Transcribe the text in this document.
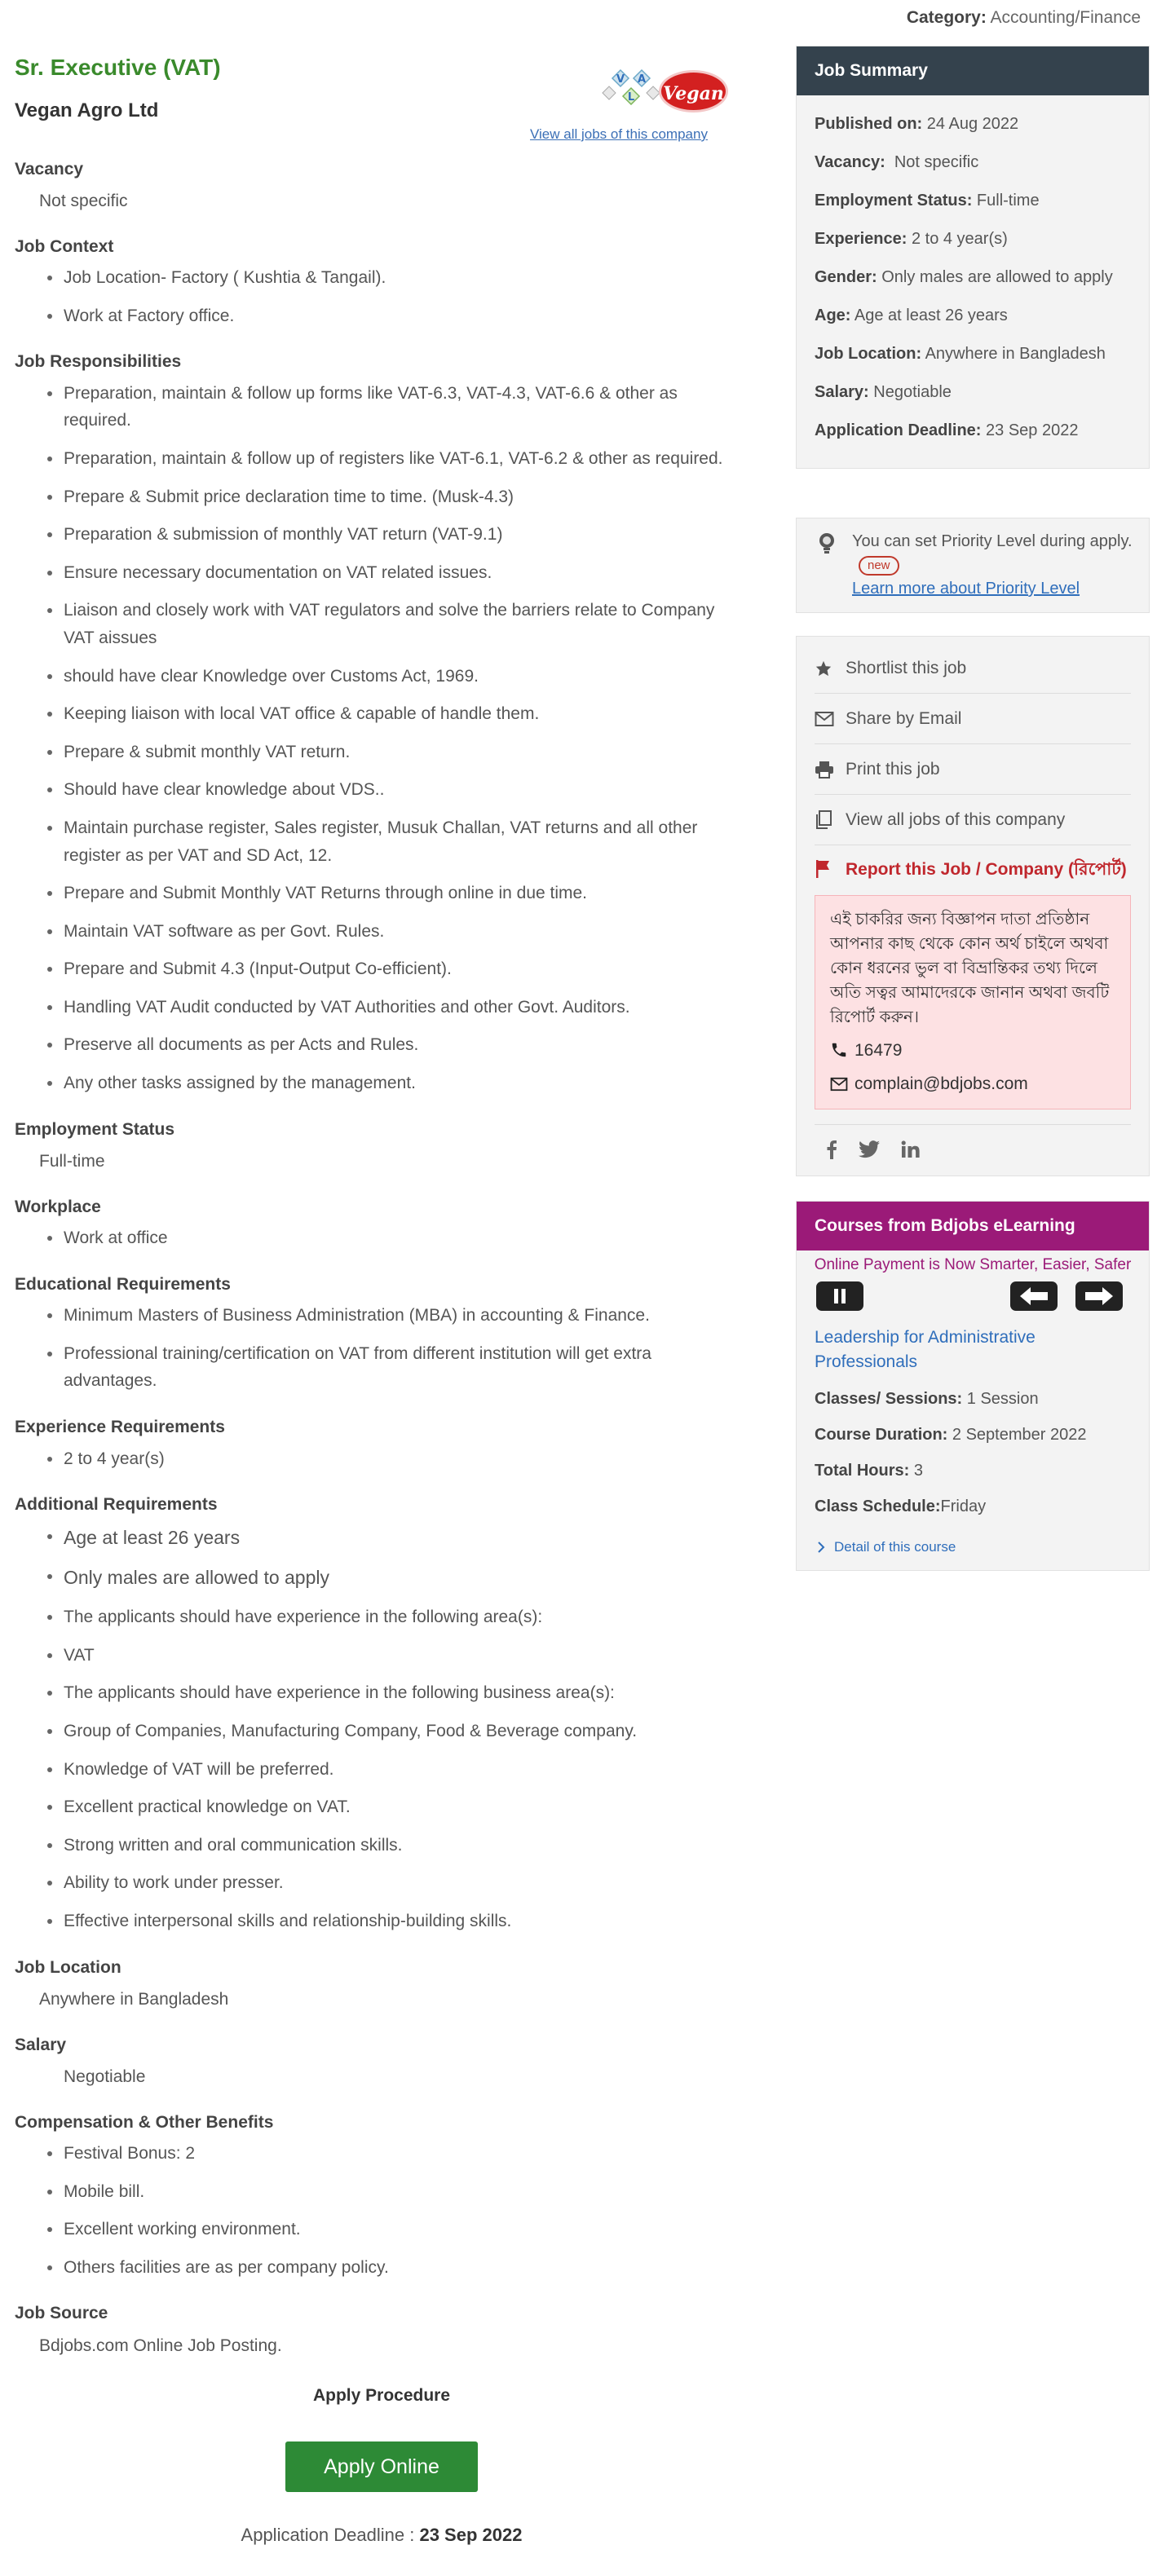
Category: Accounting/Finance
Sr. Executive (VAT)
Vegan Agro Ltd
V
L
A
Vegan
View all jobs of this company
Vacancy
Not specific
Job Context
Job Location- Factory ( Kushtia & Tangail).
Work at Factory office.
Job Responsibilities
Preparation, maintain & follow up forms like VAT-6.3, VAT-4.3, VAT-6.6 & other as required.
Preparation, maintain & follow up of registers like VAT-6.1, VAT-6.2 & other as required.
Prepare & Submit price declaration time to time. (Musk-4.3)
Preparation & submission of monthly VAT return (VAT-9.1)
Ensure necessary documentation on VAT related issues.
Liaison and closely work with VAT regulators and solve the barriers relate to Company VAT aissues
should have clear Knowledge over Customs Act, 1969.
Keeping liaison with local VAT office & capable of handle them.
Prepare & submit monthly VAT return.
Should have clear knowledge about VDS..
Maintain purchase register, Sales register, Musuk Challan, VAT returns and all other register as per VAT and SD Act, 12.
Prepare and Submit Monthly VAT Returns through online in due time.
Maintain VAT software as per Govt. Rules.
Prepare and Submit 4.3 (Input-Output Co-efficient).
Handling VAT Audit conducted by VAT Authorities and other Govt. Auditors.
Preserve all documents as per Acts and Rules.
Any other tasks assigned by the management.
Employment Status
Full-time
Workplace
Work at office
Educational Requirements
Minimum Masters of Business Administration (MBA) in accounting & Finance.
Professional training/certification on VAT from different institution will get extra advantages.
Experience Requirements
2 to 4 year(s)
Additional Requirements
Age at least 26 years
Only males are allowed to apply
The applicants should have experience in the following area(s):
VAT
The applicants should have experience in the following business area(s):
Group of Companies, Manufacturing Company, Food & Beverage company.
Knowledge of VAT will be preferred.
Excellent practical knowledge on VAT.
Strong written and oral communication skills.
Ability to work under presser.
Effective interpersonal skills and relationship-building skills.
Job Location
Anywhere in Bangladesh
Salary
Negotiable
Compensation & Other Benefits
Festival Bonus: 2
Mobile bill.
Excellent working environment.
Others facilities are as per company policy.
Job Source
Bdjobs.com Online Job Posting.
Apply Procedure
Apply Online
Application Deadline : 23 Sep 2022
Job Summary

Published on: 24 Aug 2022

Vacancy: Not specific

Employment Status: Full-time

Experience: 2 to 4 year(s)

Gender: Only males are allowed to apply

Age: Age at least 26 years

Job Location: Anywhere in Bangladesh

Salary: Negotiable

Application Deadline: 23 Sep 2022

You can set Priority Level during apply. new
Learn more about Priority Level
Shortlist this job
Share by Email
Print this job
View all jobs of this company
Report this Job / Company (রিপোর্ট)
এই চাকরির জন্য বিজ্ঞাপন দাতা প্রতিষ্ঠান আপনার কাছ থেকে কোন অর্থ চাইলে অথবা কোন ধরনের ভুল বা বিভ্রান্তিকর তথ্য দিলে অতি সত্বর আমাদেরকে জানান অথবা জবটি রিপোর্ট করুন।
16479
complain@bdjobs.com
Courses from Bdjobs eLearning
Online Payment is Now Smarter, Easier, Safer
Leadership for Administrative Professionals

Classes/ Sessions: 1 Session

Course Duration: 2 September 2022

Total Hours: 3

Class Schedule:Friday

Detail of this course
